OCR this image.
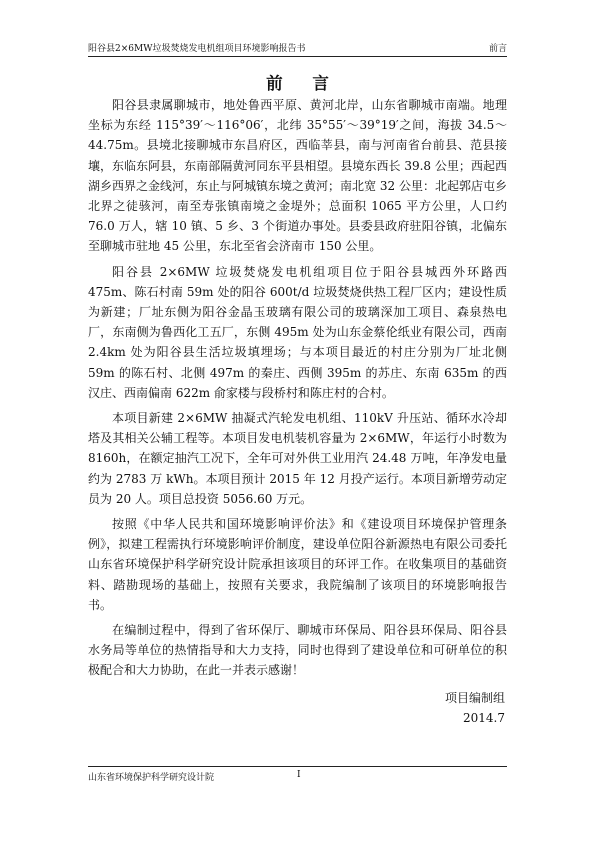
阳谷县2×6MW垃圾焚烧发电机组项目环境影响报告书	前言
前 言

阳谷县隶属聊城市，地处鲁西平原、黄河北岸，山东省聊城市南端。地理坐标为东经 115°39′～116°06′，北纬 35°55′～39°19′之间，海拔 34.5～44.75m。县境北接聊城市东昌府区，西临莘县，南与河南省台前县、范县接壤，东临东阿县，东南部隔黄河同东平县相望。县境东西长 39.8 公里；西起西湖乡西界之金线河，东止与阿城镇东境之黄河；南北宽 32 公里：北起郭店屯乡北界之徒骇河，南至寿张镇南境之金堤外；总面积 1065 平方公里，人口约 76.0 万人，辖 10 镇、5 乡、3 个街道办事处。县委县政府驻阳谷镇，北偏东至聊城市驻地 45 公里，东北至省会济南市 150 公里。

阳谷县 2×6MW 垃圾焚烧发电机组项目位于阳谷县城西外环路西 475m、陈石村南 59m 处的阳谷 600t/d 垃圾焚烧供热工程厂区内；建设性质为新建；厂址东侧为阳谷金晶玉玻璃有限公司的玻璃深加工项目、森泉热电厂，东南侧为鲁西化工五厂，东侧 495m 处为山东金蔡伦纸业有限公司，西南 2.4km 处为阳谷县生活垃圾填埋场；与本项目最近的村庄分别为厂址北侧 59m 的陈石村、北侧 497m 的秦庄、西侧 395m 的苏庄、东南 635m 的西汉庄、西南偏南 622m 俞家楼与段桥村和陈庄村的合村。

本项目新建 2×6MW 抽凝式汽轮发电机组、110kV 升压站、循环水冷却塔及其相关公辅工程等。本项目发电机装机容量为 2×6MW，年运行小时数为 8160h，在额定抽汽工况下，全年可对外供工业用汽 24.48 万吨，年净发电量约为 2783 万 kWh。本项目预计 2015 年 12 月投产运行。本项目新增劳动定员为 20 人。项目总投资 5056.60 万元。

按照《中华人民共和国环境影响评价法》和《建设项目环境保护管理条例》，拟建工程需执行环境影响评价制度，建设单位阳谷新源热电有限公司委托山东省环境保护科学研究设计院承担该项目的环评工作。在收集项目的基础资料、踏勘现场的基础上，按照有关要求，我院编制了该项目的环境影响报告书。

在编制过程中，得到了省环保厅、聊城市环保局、阳谷县环保局、阳谷县水务局等单位的热情指导和大力支持，同时也得到了建设单位和可研单位的积极配合和大力协助，在此一并表示感谢！

项目编制组
2014.7
山东省环境保护科学研究设计院	I
